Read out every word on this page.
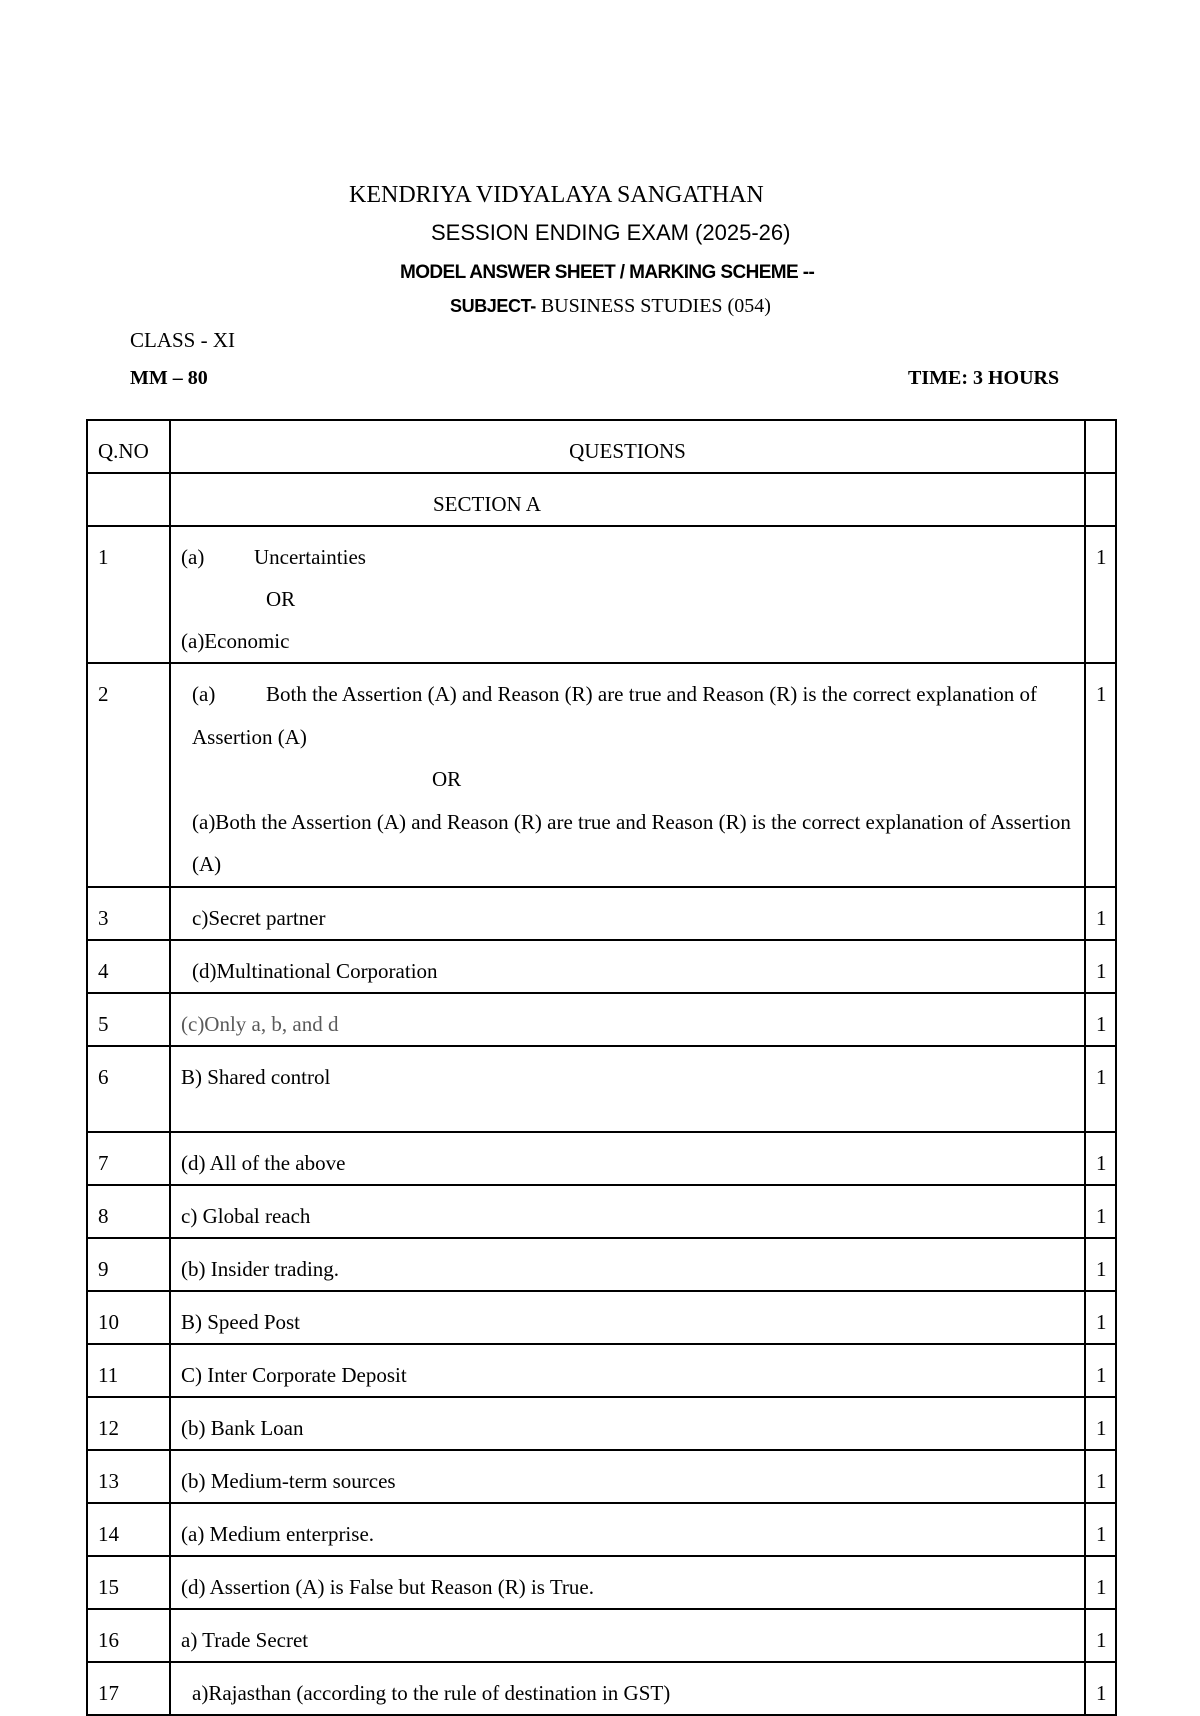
KENDRIYA VIDYALAYA SANGATHAN
SESSION ENDING EXAM (2025-26)
MODEL ANSWER SHEET / MARKING SCHEME --
SUBJECT- BUSINESS STUDIES (054)
CLASS - XI
MM – 80	TIME: 3 HOURS
Q.NO	QUESTIONS	
	SECTION A	
1	(a) Uncertainties

OR

(a)Economic	1
2	(a) Both the Assertion (A) and Reason (R) are true and Reason (R) is the correct explanation of Assertion (A)

OR

(a)Both the Assertion (A) and Reason (R) are true and Reason (R) is the correct explanation of Assertion (A)	1
3	c)Secret partner	1
4	(d)Multinational Corporation	1
5	(c)Only a, b, and d	1
6	B) Shared control	1
7	(d) All of the above	1
8	c) Global reach	1
9	(b) Insider trading.	1
10	B) Speed Post	1
11	C) Inter Corporate Deposit	1
12	(b) Bank Loan	1
13	(b) Medium-term sources	1
14	(a) Medium enterprise.	1
15	(d) Assertion (A) is False but Reason (R) is True.	1
16	a) Trade Secret	1
17	a)Rajasthan (according to the rule of destination in GST)	1
